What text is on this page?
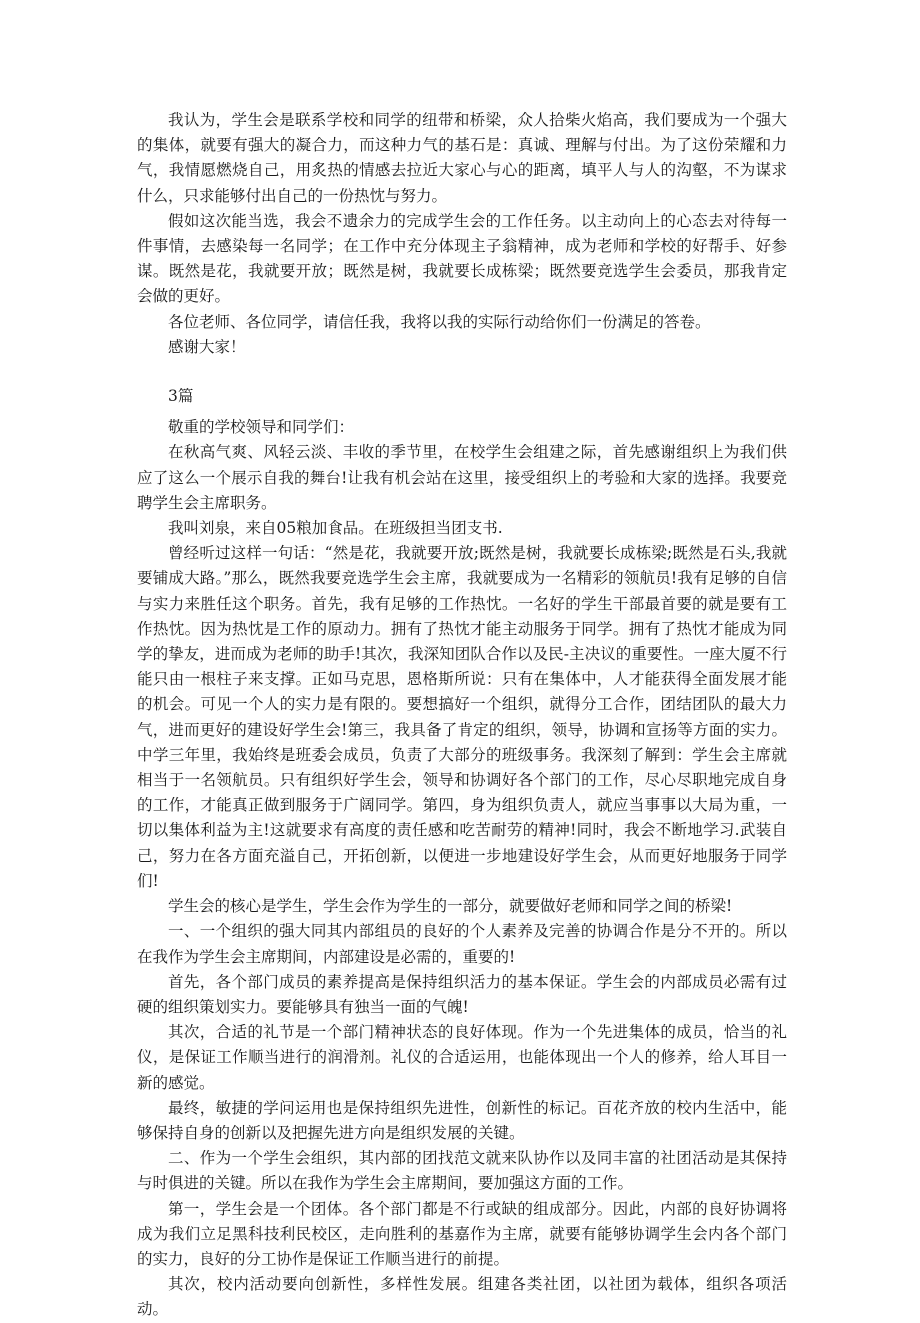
我认为，学生会是联系学校和同学的纽带和桥梁，众人拾柴火焰高，我们要成为一个强大的集体，就要有强大的凝合力，而这种力气的基石是：真诚、理解与付出。为了这份荣耀和力气，我情愿燃烧自己，用炙热的情感去拉近大家心与心的距离，填平人与人的沟壑，不为谋求什么，只求能够付出自己的一份热忱与努力。

假如这次能当选，我会不遗余力的完成学生会的工作任务。以主动向上的心态去对待每一件事情，去感染每一名同学；在工作中充分体现主子翁精神，成为老师和学校的好帮手、好参谋。既然是花，我就要开放；既然是树，我就要长成栋梁；既然要竞选学生会委员，那我肯定会做的更好。

各位老师、各位同学，请信任我，我将以我的实际行动给你们一份满足的答卷。

感谢大家！

3篇

敬重的学校领导和同学们：

在秋高气爽、风轻云淡、丰收的季节里，在校学生会组建之际，首先感谢组织上为我们供应了这么一个展示自我的舞台!让我有机会站在这里，接受组织上的考验和大家的选择。我要竞聘学生会主席职务。

我叫刘泉，来自05粮加食品。在班级担当团支书.

曾经听过这样一句话：“然是花，我就要开放;既然是树，我就要长成栋梁;既然是石头,我就要铺成大路。”那么，既然我要竞选学生会主席，我就要成为一名精彩的领航员!我有足够的自信与实力来胜任这个职务。首先，我有足够的工作热忱。一名好的学生干部最首要的就是要有工作热忱。因为热忱是工作的原动力。拥有了热忱才能主动服务于同学。拥有了热忱才能成为同学的挚友，进而成为老师的助手!其次，我深知团队合作以及民-主决议的重要性。一座大厦不行能只由一根柱子来支撑。正如马克思，恩格斯所说：只有在集体中，人才能获得全面发展才能的机会。可见一个人的实力是有限的。要想搞好一个组织，就得分工合作，团结团队的最大力气，进而更好的建设好学生会!第三，我具备了肯定的组织，领导，协调和宣扬等方面的实力。中学三年里，我始终是班委会成员，负责了大部分的班级事务。我深刻了解到：学生会主席就相当于一名领航员。只有组织好学生会，领导和协调好各个部门的工作，尽心尽职地完成自身的工作，才能真正做到服务于广阔同学。第四，身为组织负责人，就应当事事以大局为重，一切以集体利益为主!这就要求有高度的责任感和吃苦耐劳的精神!同时，我会不断地学习.武装自己，努力在各方面充溢自己，开拓创新，以便进一步地建设好学生会，从而更好地服务于同学们!

学生会的核心是学生，学生会作为学生的一部分，就要做好老师和同学之间的桥梁!

一、一个组织的强大同其内部组员的良好的个人素养及完善的协调合作是分不开的。所以在我作为学生会主席期间，内部建设是必需的，重要的!

首先，各个部门成员的素养提高是保持组织活力的基本保证。学生会的内部成员必需有过硬的组织策划实力。要能够具有独当一面的气魄!

其次，合适的礼节是一个部门精神状态的良好体现。作为一个先进集体的成员，恰当的礼仪，是保证工作顺当进行的润滑剂。礼仪的合适运用，也能体现出一个人的修养，给人耳目一新的感觉。

最终，敏捷的学问运用也是保持组织先进性，创新性的标记。百花齐放的校内生活中，能够保持自身的创新以及把握先进方向是组织发展的关键。

二、作为一个学生会组织，其内部的团找范文就来队协作以及同丰富的社团活动是其保持与时俱进的关键。所以在我作为学生会主席期间，要加强这方面的工作。

第一，学生会是一个团体。各个部门都是不行或缺的组成部分。因此，内部的良好协调将成为我们立足黑科技利民校区，走向胜利的基嘉作为主席，就要有能够协调学生会内各个部门的实力，良好的分工协作是保证工作顺当进行的前提。

其次，校内活动要向创新性，多样性发展。组建各类社团，以社团为载体，组织各项活动。
